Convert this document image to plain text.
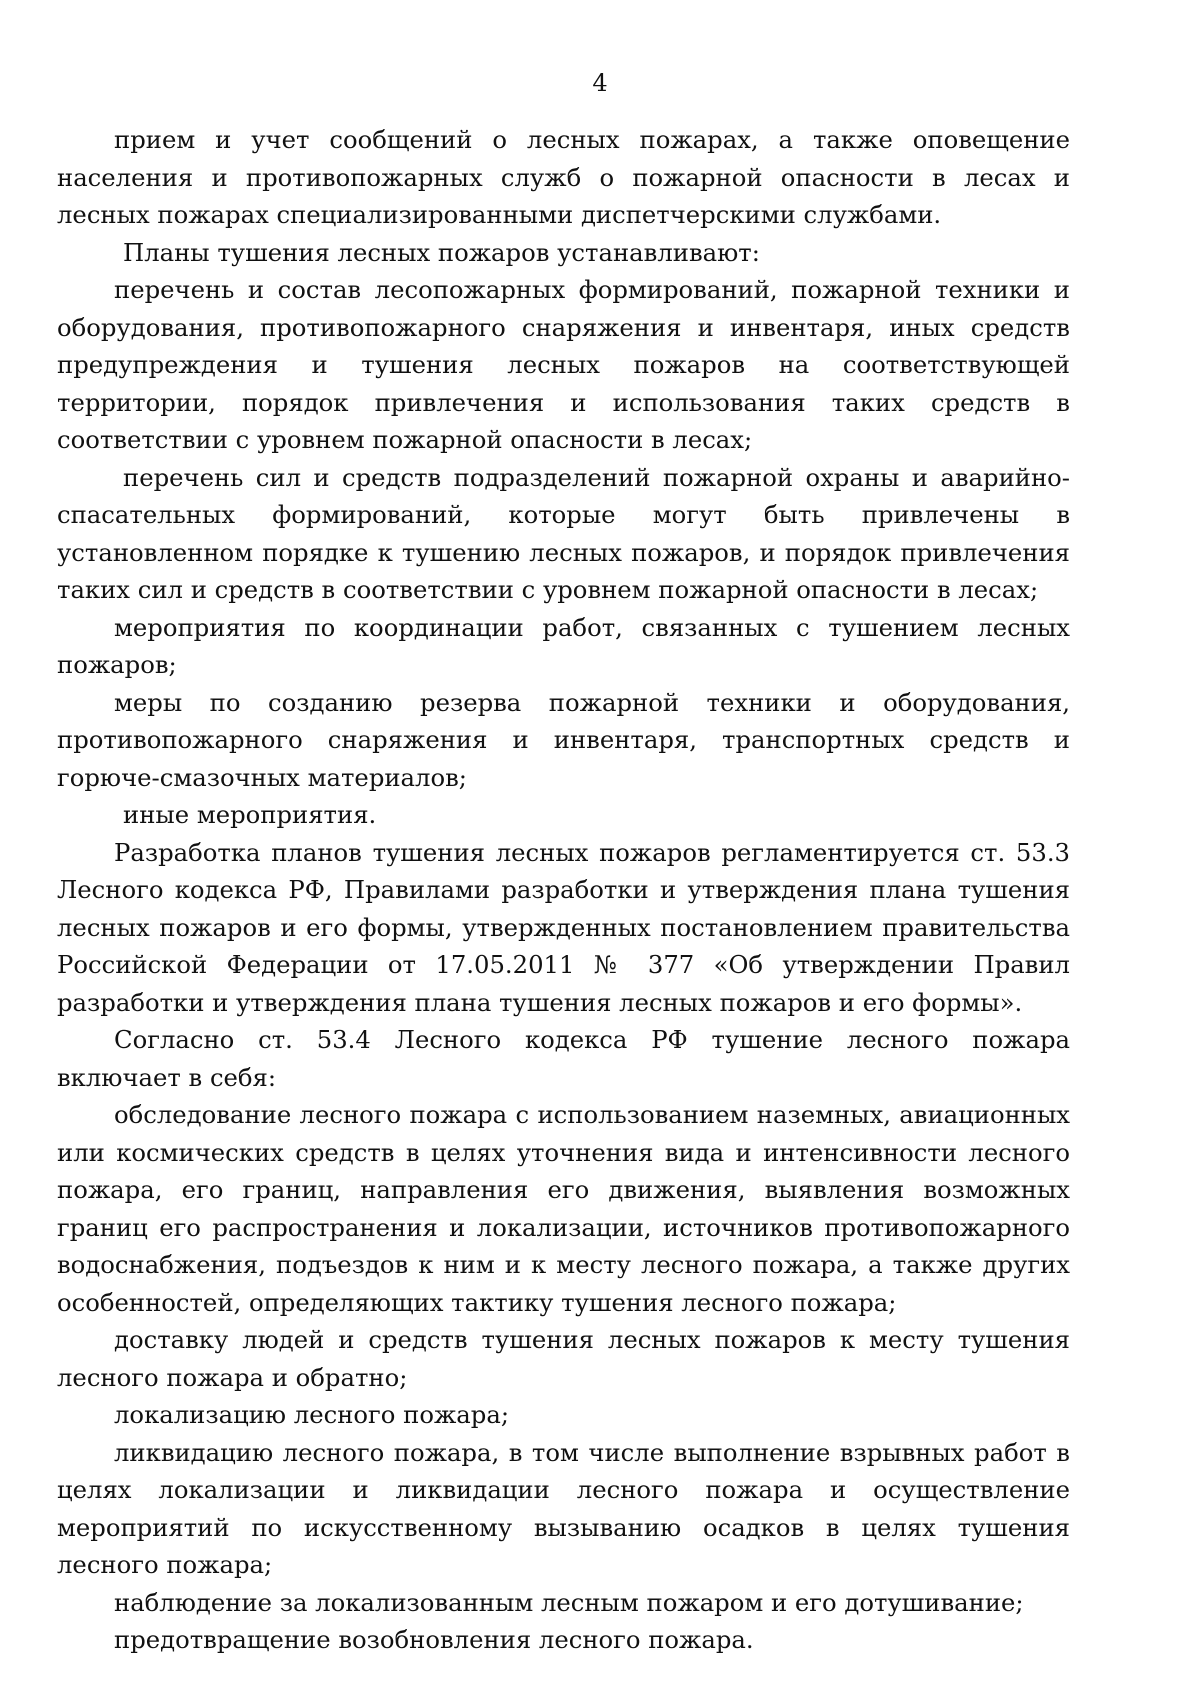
4

прием и учет сообщений о лесных пожарах, а также оповещение населения и противопожарных служб о пожарной опасности в лесах и лесных пожарах специализированными диспетчерскими службами.

Планы тушения лесных пожаров устанавливают:

перечень и состав лесопожарных формирований, пожарной техники и оборудования, противопожарного снаряжения и инвентаря, иных средств предупреждения и тушения лесных пожаров на соответствующей территории, порядок привлечения и использования таких средств в соответствии с уровнем пожарной опасности в лесах;

перечень сил и средств подразделений пожарной охраны и аварийно-спасательных формирований, которые могут быть привлечены в установленном порядке к тушению лесных пожаров, и порядок привлечения таких сил и средств в соответствии с уровнем пожарной опасности в лесах;

мероприятия по координации работ, связанных с тушением лесных пожаров;

меры по созданию резерва пожарной техники и оборудования, противопожарного снаряжения и инвентаря, транспортных средств и горюче-смазочных материалов;

иные мероприятия.

Разработка планов тушения лесных пожаров регламентируется ст. 53.3 Лесного кодекса РФ, Правилами разработки и утверждения плана тушения лесных пожаров и его формы, утвержденных постановлением правительства Российской Федерации от 17.05.2011 № 377 «Об утверждении Правил разработки и утверждения плана тушения лесных пожаров и его формы».

Согласно ст. 53.4 Лесного кодекса РФ тушение лесного пожара включает в себя:

обследование лесного пожара с использованием наземных, авиационных или космических средств в целях уточнения вида и интенсивности лесного пожара, его границ, направления его движения, выявления возможных границ его распространения и локализации, источников противопожарного водоснабжения, подъездов к ним и к месту лесного пожара, а также других особенностей, определяющих тактику тушения лесного пожара;

доставку людей и средств тушения лесных пожаров к месту тушения лесного пожара и обратно;

локализацию лесного пожара;

ликвидацию лесного пожара, в том числе выполнение взрывных работ в целях локализации и ликвидации лесного пожара и осуществление мероприятий по искусственному вызыванию осадков в целях тушения лесного пожара;

наблюдение за локализованным лесным пожаром и его дотушивание;

предотвращение возобновления лесного пожара.
